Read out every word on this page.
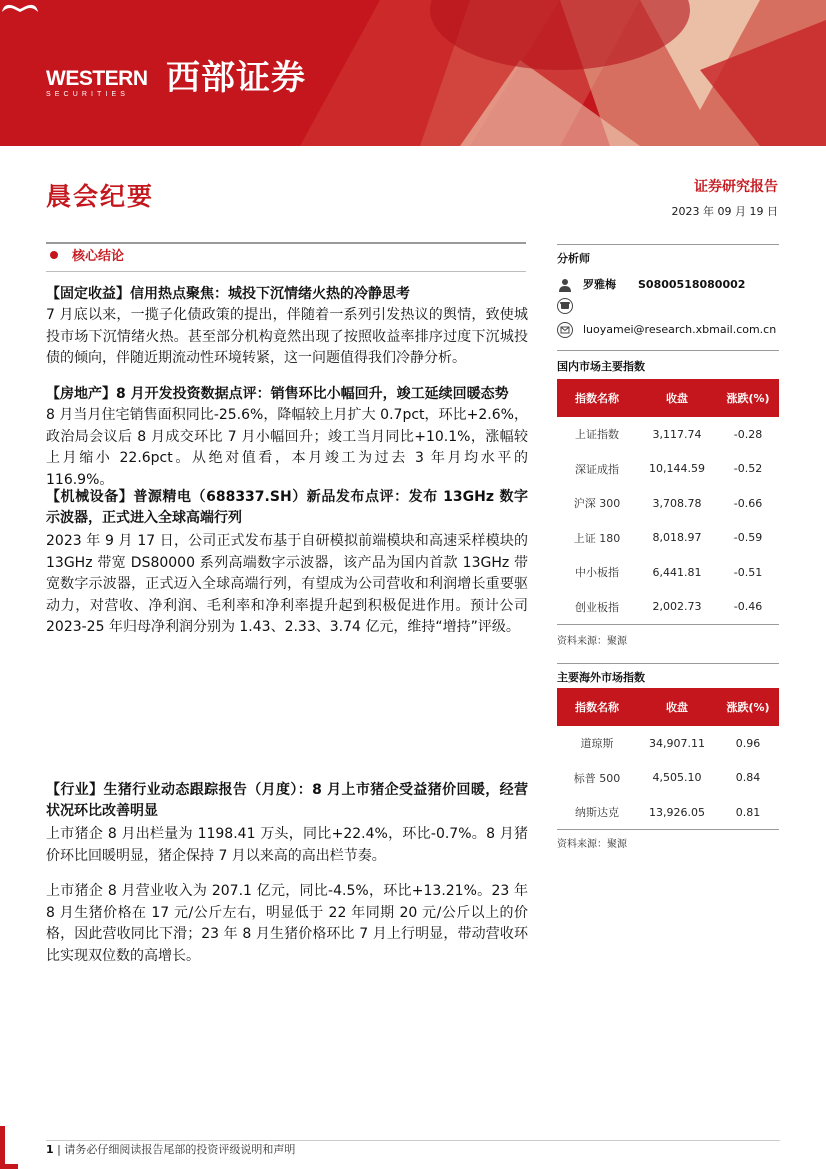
WESTERN
SECURITIES	西部证券
晨会纪要	证券研究报告
2023 年 09 月 19 日
核心结论
【固定收益】信用热点聚焦：城投下沉情绪火热的冷静思考
7 月底以来，一揽子化债政策的提出，伴随着一系列引发热议的舆情，致使城投市场下沉情绪火热。甚至部分机构竟然出现了按照收益率排序过度下沉城投债的倾向，伴随近期流动性环境转紧，这一问题值得我们冷静分析。
【房地产】8 月开发投资数据点评：销售环比小幅回升，竣工延续回暖态势
8 月当月住宅销售面积同比-25.6%，降幅较上月扩大 0.7pct，环比+2.6%，政治局会议后 8 月成交环比 7 月小幅回升；竣工当月同比+10.1%，涨幅较上月缩小 22.6pct。从绝对值看，本月竣工为过去 3 年月均水平的 116.9%。
【机械设备】普源精电（688337.SH）新品发布点评：发布 13GHz 数字示波器，正式进入全球高端行列
2023 年 9 月 17 日，公司正式发布基于自研模拟前端模块和高速采样模块的 13GHz 带宽 DS80000 系列高端数字示波器，该产品为国内首款 13GHz 带宽数字示波器，正式迈入全球高端行列，有望成为公司营收和利润增长重要驱动力，对营收、净利润、毛利率和净利率提升起到积极促进作用。预计公司 2023-25 年归母净利润分别为 1.43、2.33、3.74 亿元，维持“增持”评级。
【行业】生猪行业动态跟踪报告（月度）：8 月上市猪企受益猪价回暖，经营状况环比改善明显
上市猪企 8 月出栏量为 1198.41 万头，同比+22.4%，环比-0.7%。8 月猪价环比回暖明显，猪企保持 7 月以来高的高出栏节奏。
上市猪企 8 月营业收入为 207.1 亿元，同比-4.5%，环比+13.21%。23 年 8 月生猪价格在 17 元/公斤左右，明显低于 22 年同期 20 元/公斤以上的价格，因此营收同比下滑；23 年 8 月生猪价格环比 7 月上行明显，带动营收环比实现双位数的高增长。
分析师
罗雅梅 S0800518080002
luoyamei@research.xbmail.com.cn
国内市场主要指数
指数名称	收盘	涨跌(%)
上证指数	3,117.74	-0.28
深证成指	10,144.59	-0.52
沪深 300	3,708.78	-0.66
上证 180	8,018.97	-0.59
中小板指	6,441.81	-0.51
创业板指	2,002.73	-0.46
资料来源：聚源
主要海外市场指数
指数名称	收盘	涨跌(%)
道琼斯	34,907.11	0.96
标普 500	4,505.10	0.84
纳斯达克	13,926.05	0.81
资料来源：聚源
1 | 请务必仔细阅读报告尾部的投资评级说明和声明
